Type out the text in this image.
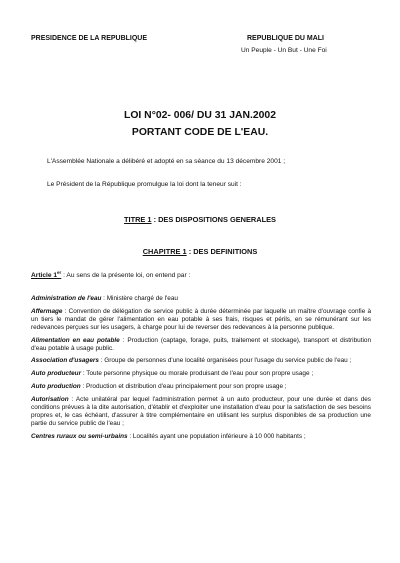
PRESIDENCE DE LA REPUBLIQUE	REPUBLIQUE DU MALI
Un Peuple - Un But - Une Foi
LOI N°02- 006/ DU 31 JAN.2002
PORTANT CODE DE L'EAU.
L'Assemblée Nationale a délibéré et adopté en sa séance du 13 décembre 2001 ;
Le Président de la République promulgue la loi dont la teneur suit :
TITRE 1 : DES DISPOSITIONS GENERALES
CHAPITRE 1 : DES DEFINITIONS
Article 1er : Au sens de la présente loi, on entend par :
Administration de l'eau : Ministère chargé de l'eau
Affermage : Convention de délégation de service public à durée déterminée par laquelle un maître d'ouvrage confie à un tiers le mandat de gérer l'alimentation en eau potable à ses frais, risques et périls, en se rémunérant sur les redevances perçues sur les usagers, à charge pour lui de reverser des redevances à la personne publique.
Alimentation en eau potable : Production (captage, forage, puits, traitement et stockage), transport et distribution d'eau potable à usage public.
Association d'usagers : Groupe de personnes d'une localité organisées pour l'usage du service public de l'eau ;
Auto producteur : Toute personne physique ou morale produisant de l'eau pour son propre usage ;
Auto production : Production et distribution d'eau principalement pour son propre usage ;
Autorisation : Acte unilatéral par lequel l'administration permet à un auto producteur, pour une durée et dans des conditions prévues à la dite autorisation, d'établir et d'exploiter une installation d'eau pour la satisfaction de ses besoins propres et, le cas échéant, d'assurer à titre complémentaire en utilisant les surplus disponibles de sa production une partie du service public de l'eau ;
Centres ruraux ou semi-urbains : Localités ayant une population inférieure à 10 000 habitants ;
